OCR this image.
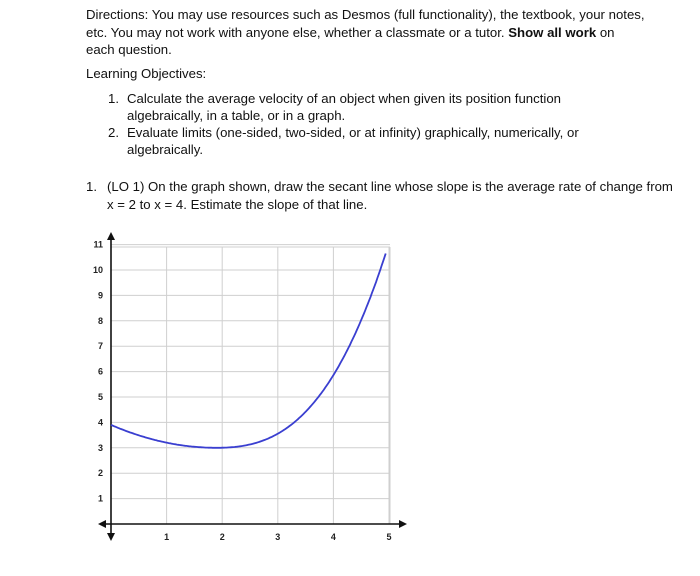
Directions: You may use resources such as Desmos (full functionality), the textbook, your notes, etc. You may not work with anyone else, whether a classmate or a tutor. Show all work on each question.

Learning Objectives:

1. Calculate the average velocity of an object when given its position function algebraically, in a table, or in a graph.
2. Evaluate limits (one-sided, two-sided, or at infinity) graphically, numerically, or algebraically.

1. (LO 1) On the graph shown, draw the secant line whose slope is the average rate of change from x = 2 to x = 4. Estimate the slope of that line.

1	2	3	4	5
1
2
3
4
5
6
7
8
9
10
11
